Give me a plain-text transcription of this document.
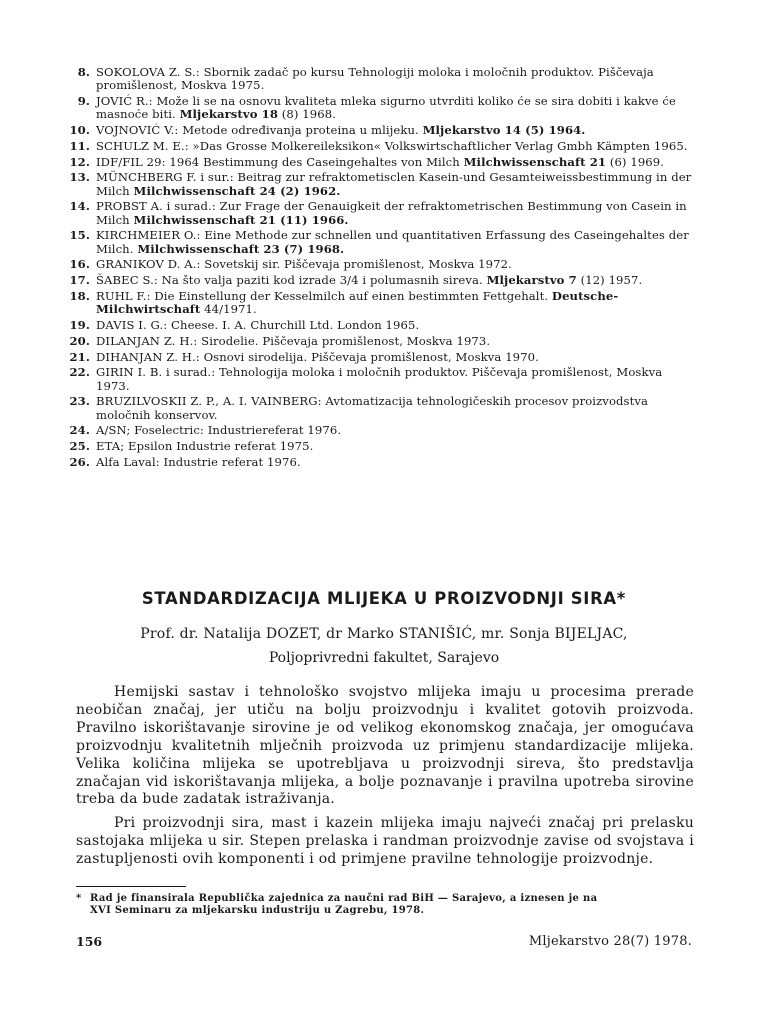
8. SOKOLOVA Z. S.: Sbornik zadač po kursu Tehnologiji moloka i moločnih produktov. Piščevaja promišlenost, Moskva 1975.
9. JOVIĆ R.: Može li se na osnovu kvaliteta mleka sigurno utvrditi koliko će se sira dobiti i kakve će masnoće biti. Mljekarstvo 18 (8) 1968.
10. VOJNOVIĆ V.: Metode određivanja proteina u mlijeku. Mljekarstvo 14 (5) 1964.
11. SCHULZ M. E.: »Das Grosse Molkereileksikon« Volkswirtschaftlicher Verlag Gmbh Kämpten 1965.
12. IDF/FIL 29: 1964 Bestimmung des Caseingehaltes von Milch Milchwissenschaft 21 (6) 1969.
13. MÜNCHBERG F. i sur.: Beitrag zur refraktometisclen Kasein-und Gesamteiweissbestimmung in der Milch Milchwissenschaft 24 (2) 1962.
14. PROBST A. i surad.: Zur Frage der Genauigkeit der refraktometrischen Bestimmung von Casein in Milch Milchwissenschaft 21 (11) 1966.
15. KIRCHMEIER O.: Eine Methode zur schnellen und quantitativen Erfassung des Caseingehaltes der Milch. Milchwissenschaft 23 (7) 1968.
16. GRANIKOV D. A.: Sovetskij sir. Piščevaja promišlenost, Moskva 1972.
17. ŠABEC S.: Na što valja paziti kod izrade 3/4 i polumasnih sireva. Mljekarstvo 7 (12) 1957.
18. RUHL F.: Die Einstellung der Kesselmilch auf einen bestimmten Fettgehalt. Deutsche-Milchwirtschaft 44/1971.
19. DAVIS I. G.: Cheese. I. A. Churchill Ltd. London 1965.
20. DILANJAN Z. H.: Sirodelie. Piščevaja promišlenost, Moskva 1973.
21. DIHANJAN Z. H.: Osnovi sirodelija. Piščevaja promišlenost, Moskva 1970.
22. GIRIN I. B. i surad.: Tehnologija moloka i moločnih produktov. Piščevaja promišlenost, Moskva 1973.
23. BRUZILVOSKII Z. P., A. I. VAINBERG: Avtomatizacija tehnologičeskih procesov proizvodstva moločnih konservov.
24. A/SN; Foselectric: Industriereferat 1976.
25. ETA; Epsilon Industrie referat 1975.
26. Alfa Laval: Industrie referat 1976.
STANDARDIZACIJA MLIJEKA U PROIZVODNJI SIRA*

Prof. dr. Natalija DOZET, dr Marko STANIŠIĆ, mr. Sonja BIJELJAC,

Poljoprivredni fakultet, Sarajevo

Hemijski sastav i tehnološko svojstvo mlijeka imaju u procesima prerade neobičan značaj, jer utiču na bolju proizvodnju i kvalitet gotovih proizvoda. Pravilno iskorištavanje sirovine je od velikog ekonomskog značaja, jer omogućava proizvodnju kvalitetnih mlječnih proizvoda uz primjenu standardizacije mlijeka. Velika količina mlijeka se upotrebljava u proizvodnji sireva, što predstavlja značajan vid iskorištavanja mlijeka, a bolje poznavanje i pravilna upotreba sirovine treba da bude zadatak istraživanja.

Pri proizvodnji sira, mast i kazein mlijeka imaju najveći značaj pri prelasku sastojaka mlijeka u sir. Stepen prelaska i randman proizvodnje zavise od svojstava i zastupljenosti ovih komponenti i od primjene pravilne tehnologije proizvodnje.

* Rad je finansirala Republička zajednica za naučni rad BiH — Sarajevo, a iznesen je na
XVI Seminaru za mljekarsku industriju u Zagrebu, 1978.

156	Mljekarstvo 28(7) 1978.
